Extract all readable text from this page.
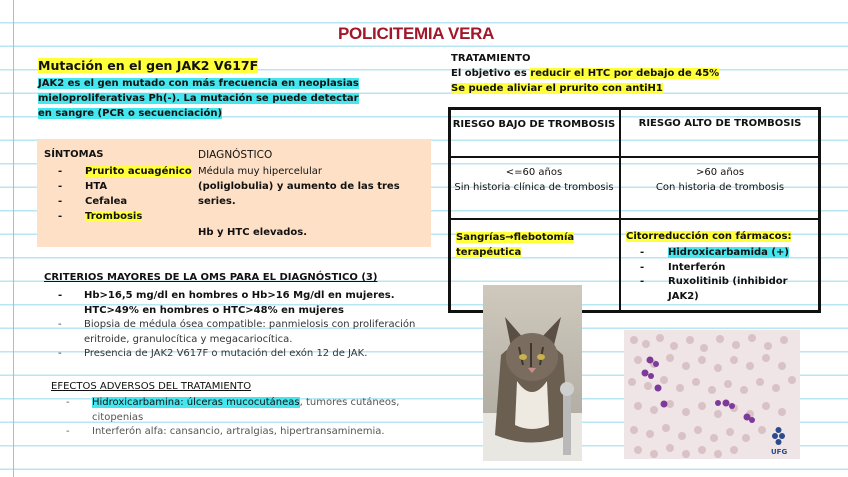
POLICITEMIA VERA
Mutación en el gen JAK2 V617F
JAK2 es el gen mutado con más frecuencia en neoplasias mieloproliferativas Ph(-). La mutación se puede detectar en sangre (PCR o secuenciación)
SÍNTOMAS
- Prurito acuagénico
- HTA
- Cefalea
- Trombosis
DIAGNÓSTICO
Médula muy hipercelular
(poliglobulia) y aumento de las tres series.
Hb y HTC elevados.
CRITERIOS MAYORES DE LA OMS PARA EL DIAGNÓSTICO (3)
- Hb>16,5 mg/dl en hombres o Hb>16 Mg/dl en mujeres. HTC>49% en hombres o HTC>48% en mujeres
- Biopsia de médula ósea compatible: panmielosis con proliferación eritroide, granulocítica y megacariocítica.
- Presencia de JAK2 V617F o mutación del exón 12 de JAK.
EFECTOS ADVERSOS DEL TRATAMIENTO
- Hidroxicarbamina: úlceras mucocutáneas, tumores cutáneos, citopenias
- Interferón alfa: cansancio, artralgias, hipertransaminemia.
TRATAMIENTO
El objetivo es reducir el HTC por debajo de 45%
Se puede aliviar el prurito con antiH1
RIESGO BAJO DE TROMBOSIS	RIESGO ALTO DE TROMBOSIS
<=60 años
Sin historia clínica de trombosis
>60 años
Con historia de trombosis
Sangrías→flebotomía terapéutica
Citorreducción con fármacos:
- Hidroxicarbamida (+)
- Interferón
- Ruxolitinib (inhibidor JAK2)
UFG
